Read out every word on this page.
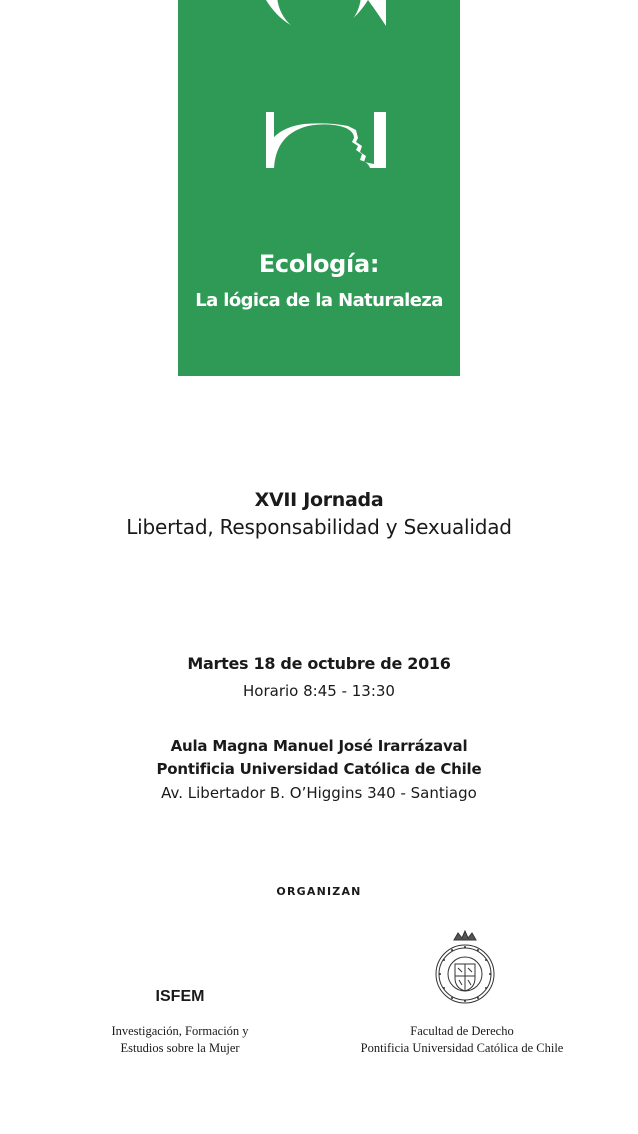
Ecología:
La lógica de la Naturaleza
XVII Jornada
Libertad, Responsabilidad y Sexualidad
Martes 18 de octubre de 2016
Horario 8:45 - 13:30
Aula Magna Manuel José Irarrázaval
Pontificia Universidad Católica de Chile
Av. Libertador B. O’Higgins 340 - Santiago
ORGANIZAN
ISFEM
Investigación, Formación y
Estudios sobre la Mujer
Facultad de Derecho
Pontificia Universidad Católica de Chile
